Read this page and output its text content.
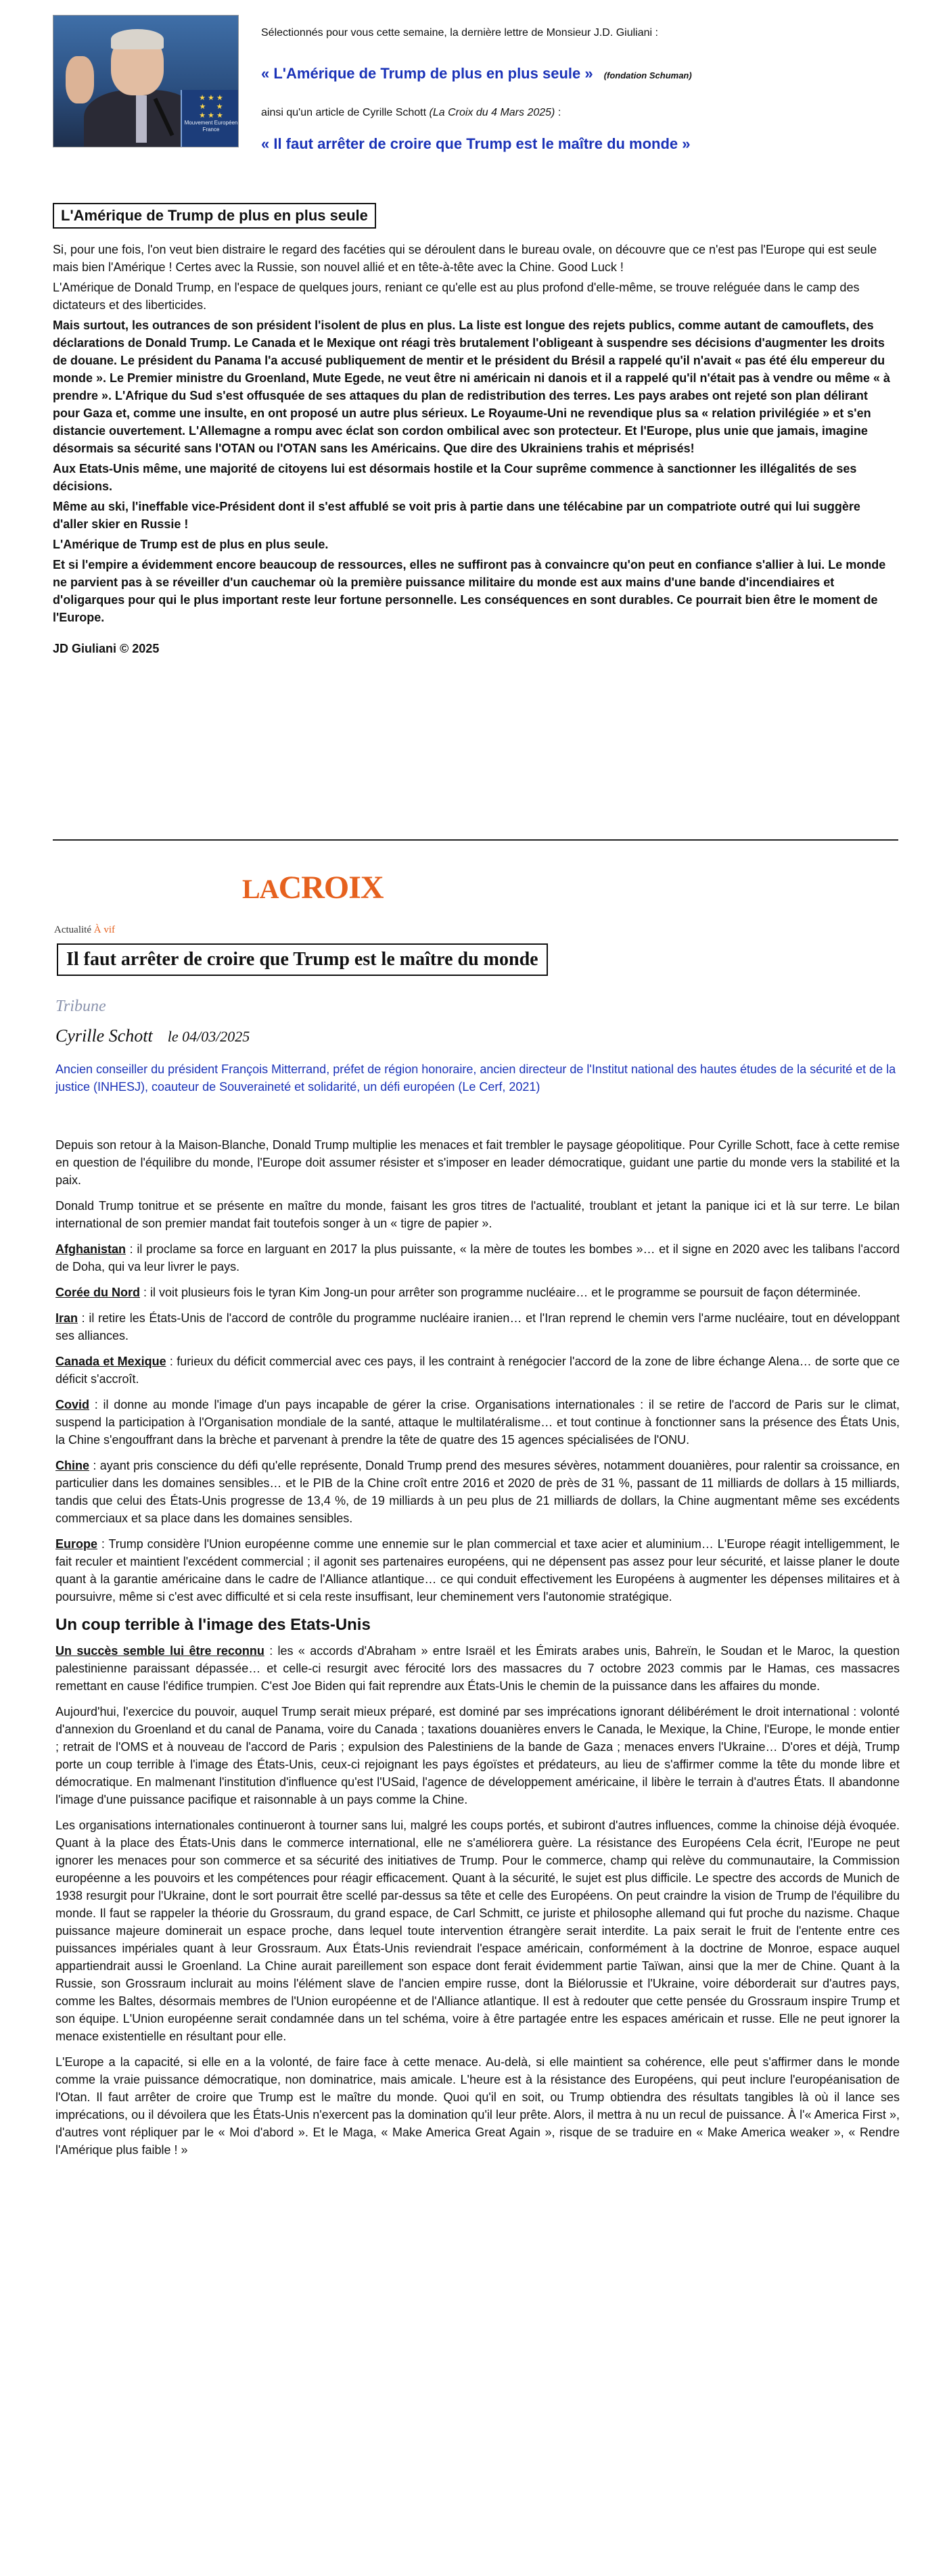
★ ★ ★
★     ★
★ ★ ★
Mouvement Européen France
Sélectionnés pour vous cette semaine, la dernière lettre de Monsieur J.D. Giuliani :
« L'Amérique de Trump de plus en plus seule » (fondation Schuman)
ainsi qu'un article de Cyrille Schott (La Croix du 4 Mars 2025) :
« Il faut arrêter de croire que Trump est le maître du monde »
L'Amérique de Trump de plus en plus seule

Si, pour une fois, l'on veut bien distraire le regard des facéties qui se déroulent dans le bureau ovale, on découvre que ce n'est pas l'Europe qui est seule mais bien l'Amérique ! Certes avec la Russie, son nouvel allié et en tête-à-tête avec la Chine. Good Luck !

L'Amérique de Donald Trump, en l'espace de quelques jours, reniant ce qu'elle est au plus profond d'elle-même, se trouve reléguée dans le camp des dictateurs et des liberticides.

Mais surtout, les outrances de son président l'isolent de plus en plus. La liste est longue des rejets publics, comme autant de camouflets, des déclarations de Donald Trump. Le Canada et le Mexique ont réagi très brutalement l'obligeant à suspendre ses décisions d'augmenter les droits de douane. Le président du Panama l'a accusé publiquement de mentir et le président du Brésil a rappelé qu'il n'avait « pas été élu empereur du monde ». Le Premier ministre du Groenland, Mute Egede, ne veut être ni américain ni danois et il a rappelé qu'il n'était pas à vendre ou même « à prendre ». L'Afrique du Sud s'est offusquée de ses attaques du plan de redistribution des terres. Les pays arabes ont rejeté son plan délirant pour Gaza et, comme une insulte, en ont proposé un autre plus sérieux. Le Royaume-Uni ne revendique plus sa « relation privilégiée » et s'en distancie ouvertement. L'Allemagne a rompu avec éclat son cordon ombilical avec son protecteur. Et l'Europe, plus unie que jamais, imagine désormais sa sécurité sans l'OTAN ou l'OTAN sans les Américains. Que dire des Ukrainiens trahis et méprisés!

Aux Etats-Unis même, une majorité de citoyens lui est désormais hostile et la Cour suprême commence à sanctionner les illégalités de ses décisions.

Même au ski, l'ineffable vice-Président dont il s'est affublé se voit pris à partie dans une télécabine par un compatriote outré qui lui suggère d'aller skier en Russie !

L'Amérique de Trump est de plus en plus seule.

Et si l'empire a évidemment encore beaucoup de ressources, elles ne suffiront pas à convaincre qu'on peut en confiance s'allier à lui. Le monde ne parvient pas à se réveiller d'un cauchemar où la première puissance militaire du monde est aux mains d'une bande d'incendiaires et d'oligarques pour qui le plus important reste leur fortune personnelle. Les conséquences en sont durables. Ce pourrait bien être le moment de l'Europe.

JD Giuliani © 2025

LACROIX
Actualité À vif
Il faut arrêter de croire que Trump est le maître du monde
Tribune
Cyrille Schott le 04/03/2025
Ancien conseiller du président François Mitterrand, préfet de région honoraire, ancien directeur de l'Institut national des hautes études de la sécurité et de la justice (INHESJ), coauteur de Souveraineté et solidarité, un défi européen (Le Cerf, 2021)

Depuis son retour à la Maison-Blanche, Donald Trump multiplie les menaces et fait trembler le paysage géopolitique. Pour Cyrille Schott, face à cette remise en question de l'équilibre du monde, l'Europe doit assumer résister et s'imposer en leader démocratique, guidant une partie du monde vers la stabilité et la paix.

Donald Trump tonitrue et se présente en maître du monde, faisant les gros titres de l'actualité, troublant et jetant la panique ici et là sur terre. Le bilan international de son premier mandat fait toutefois songer à un « tigre de papier ».

Afghanistan : il proclame sa force en larguant en 2017 la plus puissante, « la mère de toutes les bombes »… et il signe en 2020 avec les talibans l'accord de Doha, qui va leur livrer le pays.

Corée du Nord : il voit plusieurs fois le tyran Kim Jong-un pour arrêter son programme nucléaire… et le programme se poursuit de façon déterminée.

Iran : il retire les États-Unis de l'accord de contrôle du programme nucléaire iranien… et l'Iran reprend le chemin vers l'arme nucléaire, tout en développant ses alliances.

Canada et Mexique : furieux du déficit commercial avec ces pays, il les contraint à renégocier l'accord de la zone de libre échange Alena… de sorte que ce déficit s'accroît.

Covid : il donne au monde l'image d'un pays incapable de gérer la crise. Organisations internationales : il se retire de l'accord de Paris sur le climat, suspend la participation à l'Organisation mondiale de la santé, attaque le multilatéralisme… et tout continue à fonctionner sans la présence des États Unis, la Chine s'engouffrant dans la brèche et parvenant à prendre la tête de quatre des 15 agences spécialisées de l'ONU.

Chine : ayant pris conscience du défi qu'elle représente, Donald Trump prend des mesures sévères, notamment douanières, pour ralentir sa croissance, en particulier dans les domaines sensibles… et le PIB de la Chine croît entre 2016 et 2020 de près de 31 %, passant de 11 milliards de dollars à 15 milliards, tandis que celui des États-Unis progresse de 13,4 %, de 19 milliards à un peu plus de 21 milliards de dollars, la Chine augmentant même ses excédents commerciaux et sa place dans les domaines sensibles.

Europe : Trump considère l'Union européenne comme une ennemie sur le plan commercial et taxe acier et aluminium… L'Europe réagit intelligemment, le fait reculer et maintient l'excédent commercial ; il agonit ses partenaires européens, qui ne dépensent pas assez pour leur sécurité, et laisse planer le doute quant à la garantie américaine dans le cadre de l'Alliance atlantique… ce qui conduit effectivement les Européens à augmenter les dépenses militaires et à poursuivre, même si c'est avec difficulté et si cela reste insuffisant, leur cheminement vers l'autonomie stratégique.

Un coup terrible à l'image des Etats-Unis

Un succès semble lui être reconnu : les « accords d'Abraham » entre Israël et les Émirats arabes unis, Bahreïn, le Soudan et le Maroc, la question palestinienne paraissant dépassée… et celle-ci resurgit avec férocité lors des massacres du 7 octobre 2023 commis par le Hamas, ces massacres remettant en cause l'édifice trumpien. C'est Joe Biden qui fait reprendre aux États-Unis le chemin de la puissance dans les affaires du monde.

Aujourd'hui, l'exercice du pouvoir, auquel Trump serait mieux préparé, est dominé par ses imprécations ignorant délibérément le droit international : volonté d'annexion du Groenland et du canal de Panama, voire du Canada ; taxations douanières envers le Canada, le Mexique, la Chine, l'Europe, le monde entier ; retrait de l'OMS et à nouveau de l'accord de Paris ; expulsion des Palestiniens de la bande de Gaza ; menaces envers l'Ukraine… D'ores et déjà, Trump porte un coup terrible à l'image des États-Unis, ceux-ci rejoignant les pays égoïstes et prédateurs, au lieu de s'affirmer comme la tête du monde libre et démocratique. En malmenant l'institution d'influence qu'est l'USaid, l'agence de développement américaine, il libère le terrain à d'autres États. Il abandonne l'image d'une puissance pacifique et raisonnable à un pays comme la Chine.

Les organisations internationales continueront à tourner sans lui, malgré les coups portés, et subiront d'autres influences, comme la chinoise déjà évoquée. Quant à la place des États-Unis dans le commerce international, elle ne s'améliorera guère. La résistance des Européens Cela écrit, l'Europe ne peut ignorer les menaces pour son commerce et sa sécurité des initiatives de Trump. Pour le commerce, champ qui relève du communautaire, la Commission européenne a les pouvoirs et les compétences pour réagir efficacement. Quant à la sécurité, le sujet est plus difficile. Le spectre des accords de Munich de 1938 resurgit pour l'Ukraine, dont le sort pourrait être scellé par-dessus sa tête et celle des Européens. On peut craindre la vision de Trump de l'équilibre du monde. Il faut se rappeler la théorie du Grossraum, du grand espace, de Carl Schmitt, ce juriste et philosophe allemand qui fut proche du nazisme. Chaque puissance majeure dominerait un espace proche, dans lequel toute intervention étrangère serait interdite. La paix serait le fruit de l'entente entre ces puissances impériales quant à leur Grossraum. Aux États-Unis reviendrait l'espace américain, conformément à la doctrine de Monroe, espace auquel appartiendrait aussi le Groenland. La Chine aurait pareillement son espace dont ferait évidemment partie Taïwan, ainsi que la mer de Chine. Quant à la Russie, son Grossraum inclurait au moins l'élément slave de l'ancien empire russe, dont la Biélorussie et l'Ukraine, voire déborderait sur d'autres pays, comme les Baltes, désormais membres de l'Union européenne et de l'Alliance atlantique. Il est à redouter que cette pensée du Grossraum inspire Trump et son équipe. L'Union européenne serait condamnée dans un tel schéma, voire à être partagée entre les espaces américain et russe. Elle ne peut ignorer la menace existentielle en résultant pour elle.

L'Europe a la capacité, si elle en a la volonté, de faire face à cette menace. Au-delà, si elle maintient sa cohérence, elle peut s'affirmer dans le monde comme la vraie puissance démocratique, non dominatrice, mais amicale. L'heure est à la résistance des Européens, qui peut inclure l'européanisation de l'Otan. Il faut arrêter de croire que Trump est le maître du monde. Quoi qu'il en soit, ou Trump obtiendra des résultats tangibles là où il lance ses imprécations, ou il dévoilera que les États-Unis n'exercent pas la domination qu'il leur prête. Alors, il mettra à nu un recul de puissance. À l'« America First », d'autres vont répliquer par le « Moi d'abord ». Et le Maga, « Make America Great Again », risque de se traduire en « Make America weaker », « Rendre l'Amérique plus faible ! »
